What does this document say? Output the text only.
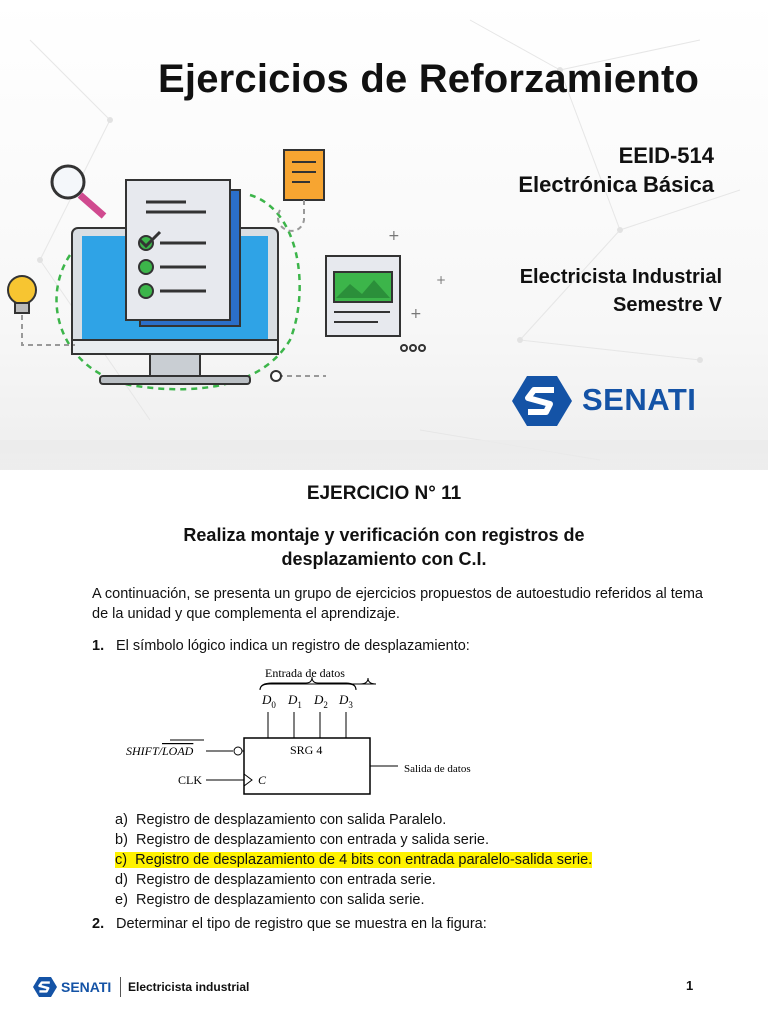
+
+
+
Ejercicios de Reforzamiento
EEID-514
Electrónica Básica
Electricista Industrial
Semestre V
SENATI
EJERCICIO N° 11
Realiza montaje y verificación con registros de
desplazamiento con C.I.
A continuación, se presenta un grupo de ejercicios propuestos de autoestudio referidos al tema de la unidad y que complementa el aprendizaje.
1. El símbolo lógico indica un registro de desplazamiento:
Entrada de datos
$D_0$ $D_1$ $D_2$ $D_3$
SRG 4
SHIFT/LOAD
CLK	C
Salida de datos
a) Registro de desplazamiento con salida Paralelo.
b) Registro de desplazamiento con entrada y salida serie.
c) Registro de desplazamiento de 4 bits con entrada paralelo-salida serie.
d) Registro de desplazamiento con entrada serie.
e) Registro de desplazamiento con salida serie.
2. Determinar el tipo de registro que se muestra en la figura:
SENATI Electricista industrial	1
